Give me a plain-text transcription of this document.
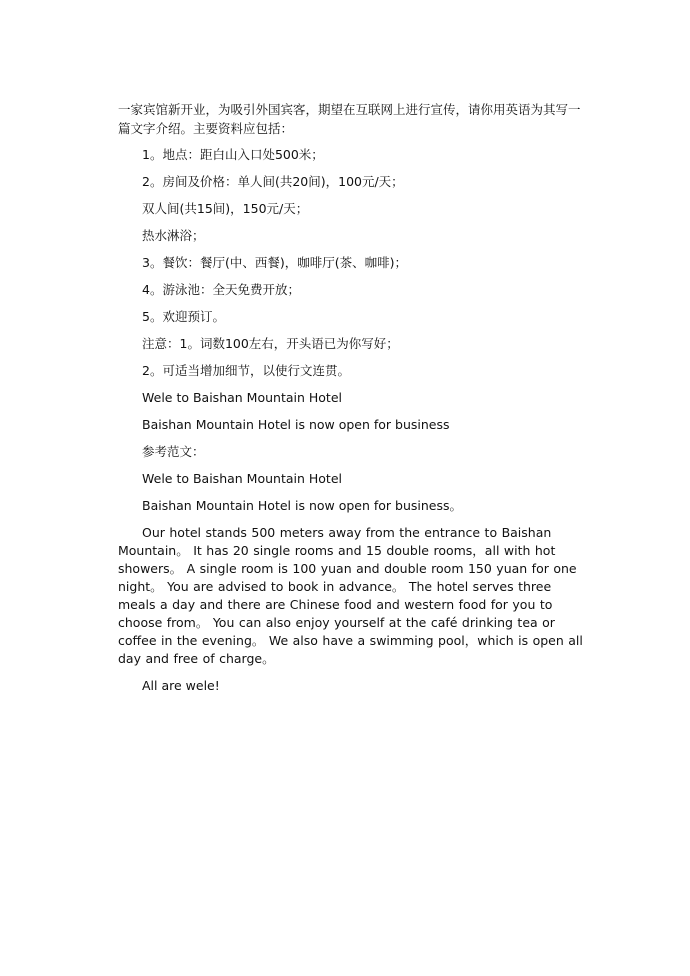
一家宾馆新开业，为吸引外国宾客，期望在互联网上进行宣传，请你用英语为其写一篇文字介绍。主要资料应包括：

1。地点：距白山入口处500米；

2。房间及价格：单人间(共20间)，100元/天；

双人间(共15间)，150元/天；

热水淋浴；

3。餐饮：餐厅(中、西餐)，咖啡厅(茶、咖啡)；

4。游泳池：全天免费开放；

5。欢迎预订。

注意：1。词数100左右，开头语已为你写好；

2。可适当增加细节，以使行文连贯。

Wele to Baishan Mountain Hotel

Baishan Mountain Hotel is now open for business

参考范文：

Wele to Baishan Mountain Hotel

Baishan Mountain Hotel is now open for business。

Our hotel stands 500 meters away from the entrance to Baishan Mountain。 It has 20 single rooms and 15 double rooms，all with hot showers。 A single room is 100 yuan and double room 150 yuan for one night。 You are advised to book in advance。 The hotel serves three meals a day and there are Chinese food and western food for you to choose from。 You can also enjoy yourself at the café drinking tea or coffee in the evening。 We also have a swimming pool，which is open all day and free of charge。

All are wele!
